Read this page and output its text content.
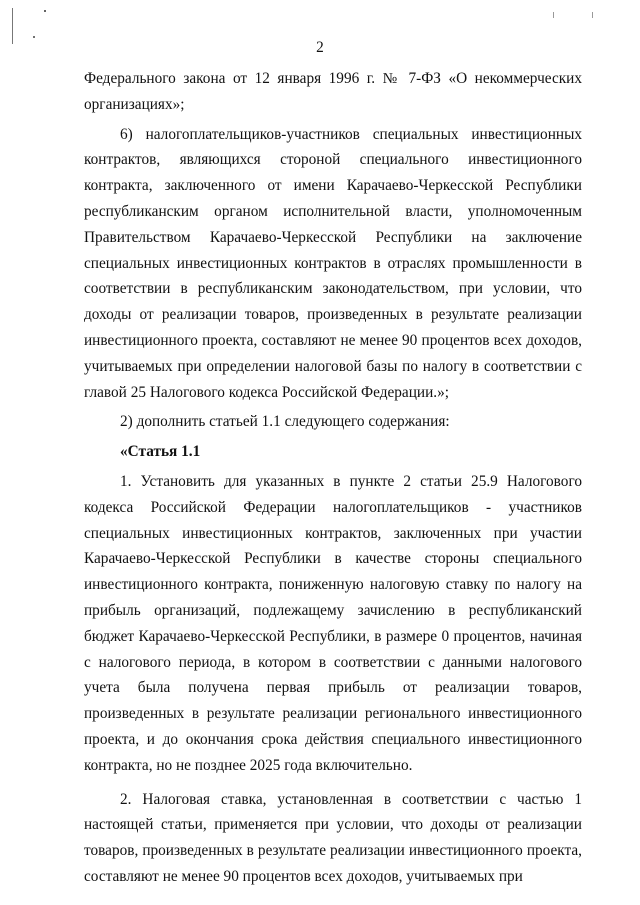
2

Федерального закона от 12 января 1996 г. № 7-ФЗ «О некоммерческих организациях»;

6) налогоплательщиков-участников специальных инвестиционных контрактов, являющихся стороной специального инвестиционного контракта, заключенного от имени Карачаево-Черкесской Республики республиканским органом исполнительной власти, уполномоченным Правительством Карачаево-Черкесской Республики на заключение специальных инвестиционных контрактов в отраслях промышленности в соответствии в республиканским законодательством, при условии, что доходы от реализации товаров, произведенных в результате реализации инвестиционного проекта, составляют не менее 90 процентов всех доходов, учитываемых при определении налоговой базы по налогу в соответствии с главой 25 Налогового кодекса Российской Федерации.»;

2) дополнить статьей 1.1 следующего содержания:

«Статья 1.1

1. Установить для указанных в пункте 2 статьи 25.9 Налогового кодекса Российской Федерации налогоплательщиков - участников специальных инвестиционных контрактов, заключенных при участии Карачаево-Черкесской Республики в качестве стороны специального инвестиционного контракта, пониженную налоговую ставку по налогу на прибыль организаций, подлежащему зачислению в республиканский бюджет Карачаево-Черкесской Республики, в размере 0 процентов, начиная с налогового периода, в котором в соответствии с данными налогового учета была получена первая прибыль от реализации товаров, произведенных в результате реализации регионального инвестиционного проекта, и до окончания срока действия специального инвестиционного контракта, но не позднее 2025 года включительно.

2. Налоговая ставка, установленная в соответствии с частью 1 настоящей статьи, применяется при условии, что доходы от реализации товаров, произведенных в результате реализации инвестиционного проекта, составляют не менее 90 процентов всех доходов, учитываемых при
